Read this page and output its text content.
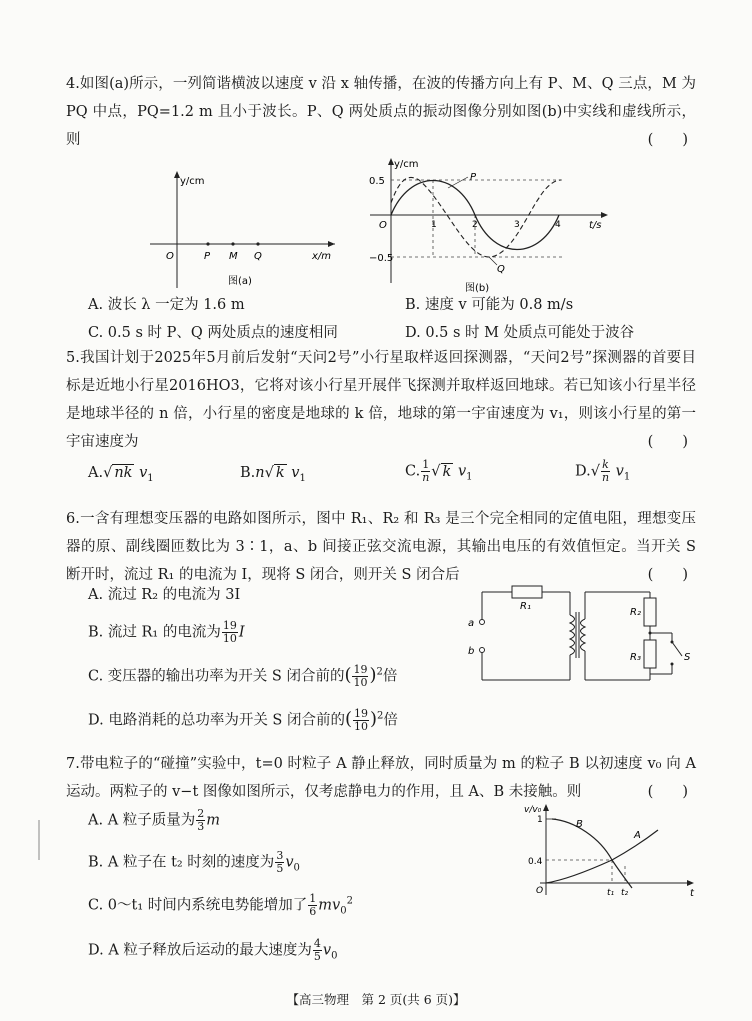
4.如图(a)所示，一列简谐横波以速度 v 沿 x 轴传播，在波的传播方向上有 P、M、Q 三点，M 为 PQ 中点，PQ=1.2 m 且小于波长。P、Q 两处质点的振动图像分别如图(b)中实线和虚线所示，则	(　　)
y/cm
O	P M Q	x/m
图(a)
y/cm
O
0.5
−0.5
1	2	3	4	t/s
P
Q
图(b)
A. 波长 λ 一定为 1.6 m	B. 速度 v 可能为 0.8 m/s
C. 0.5 s 时 P、Q 两处质点的速度相同	D. 0.5 s 时 M 处质点可能处于波谷

5.我国计划于2025年5月前后发射“天问2号”小行星取样返回探测器，“天问2号”探测器的首要目标是近地小行星2016HO3，它将对该小行星开展伴飞探测并取样返回地球。若已知该小行星半径是地球半径的 n 倍，小行星的密度是地球的 k 倍，地球的第一宇宙速度为 v₁，则该小行星的第一宇宙速度为	(　　)
A.√ nk $v_1$	B.n√ k $v_1$	C. $\frac{1}{n}$ √ k $v_1$	$D.√ \frac{k}{n} v_1$

6.一含有理想变压器的电路如图所示，图中 R₁、R₂ 和 R₃ 是三个完全相同的定值电阻，理想变压器的原、副线圈匝数比为 3∶1，a、b 间接正弦交流电源，其输出电压的有效值恒定。当开关 S 断开时，流过 R₁ 的电流为 I，现将 S 闭合，则开关 S 闭合后	(　　)
R₁
a
b
R₂
R₃	S
A. 流过 R₂ 的电流为 3I
B. 流过 R₁ 的电流为 $\frac{19}{10}$ I
C. 变压器的输出功率为开关 S 闭合前的( $\frac{19}{10} )^2$倍
D. 电路消耗的总功率为开关 S 闭合前的( $\frac{19}{10} )^2$倍

7.带电粒子的“碰撞”实验中，t=0 时粒子 A 静止释放，同时质量为 m 的粒子 B 以初速度 v₀ 向 A 运动。两粒子的 v−t 图像如图所示，仅考虑静电力的作用，且 A、B 未接触。则	(　　)
v/v₀
1
0.4
O	t
B
A
t₁ t₂
A. A 粒子质量为 $\frac{2}{3}$ m
B. A 粒子在 t₂ 时刻的速度为 $\frac{3}{5} v_0$
C. 0～t₁ 时间内系统电势能增加了 $\frac{1}{6} mv_0^2$
D. A 粒子释放后运动的最大速度为 $\frac{4}{5} v_0$
【高三物理　第 2 页(共 6 页)】
